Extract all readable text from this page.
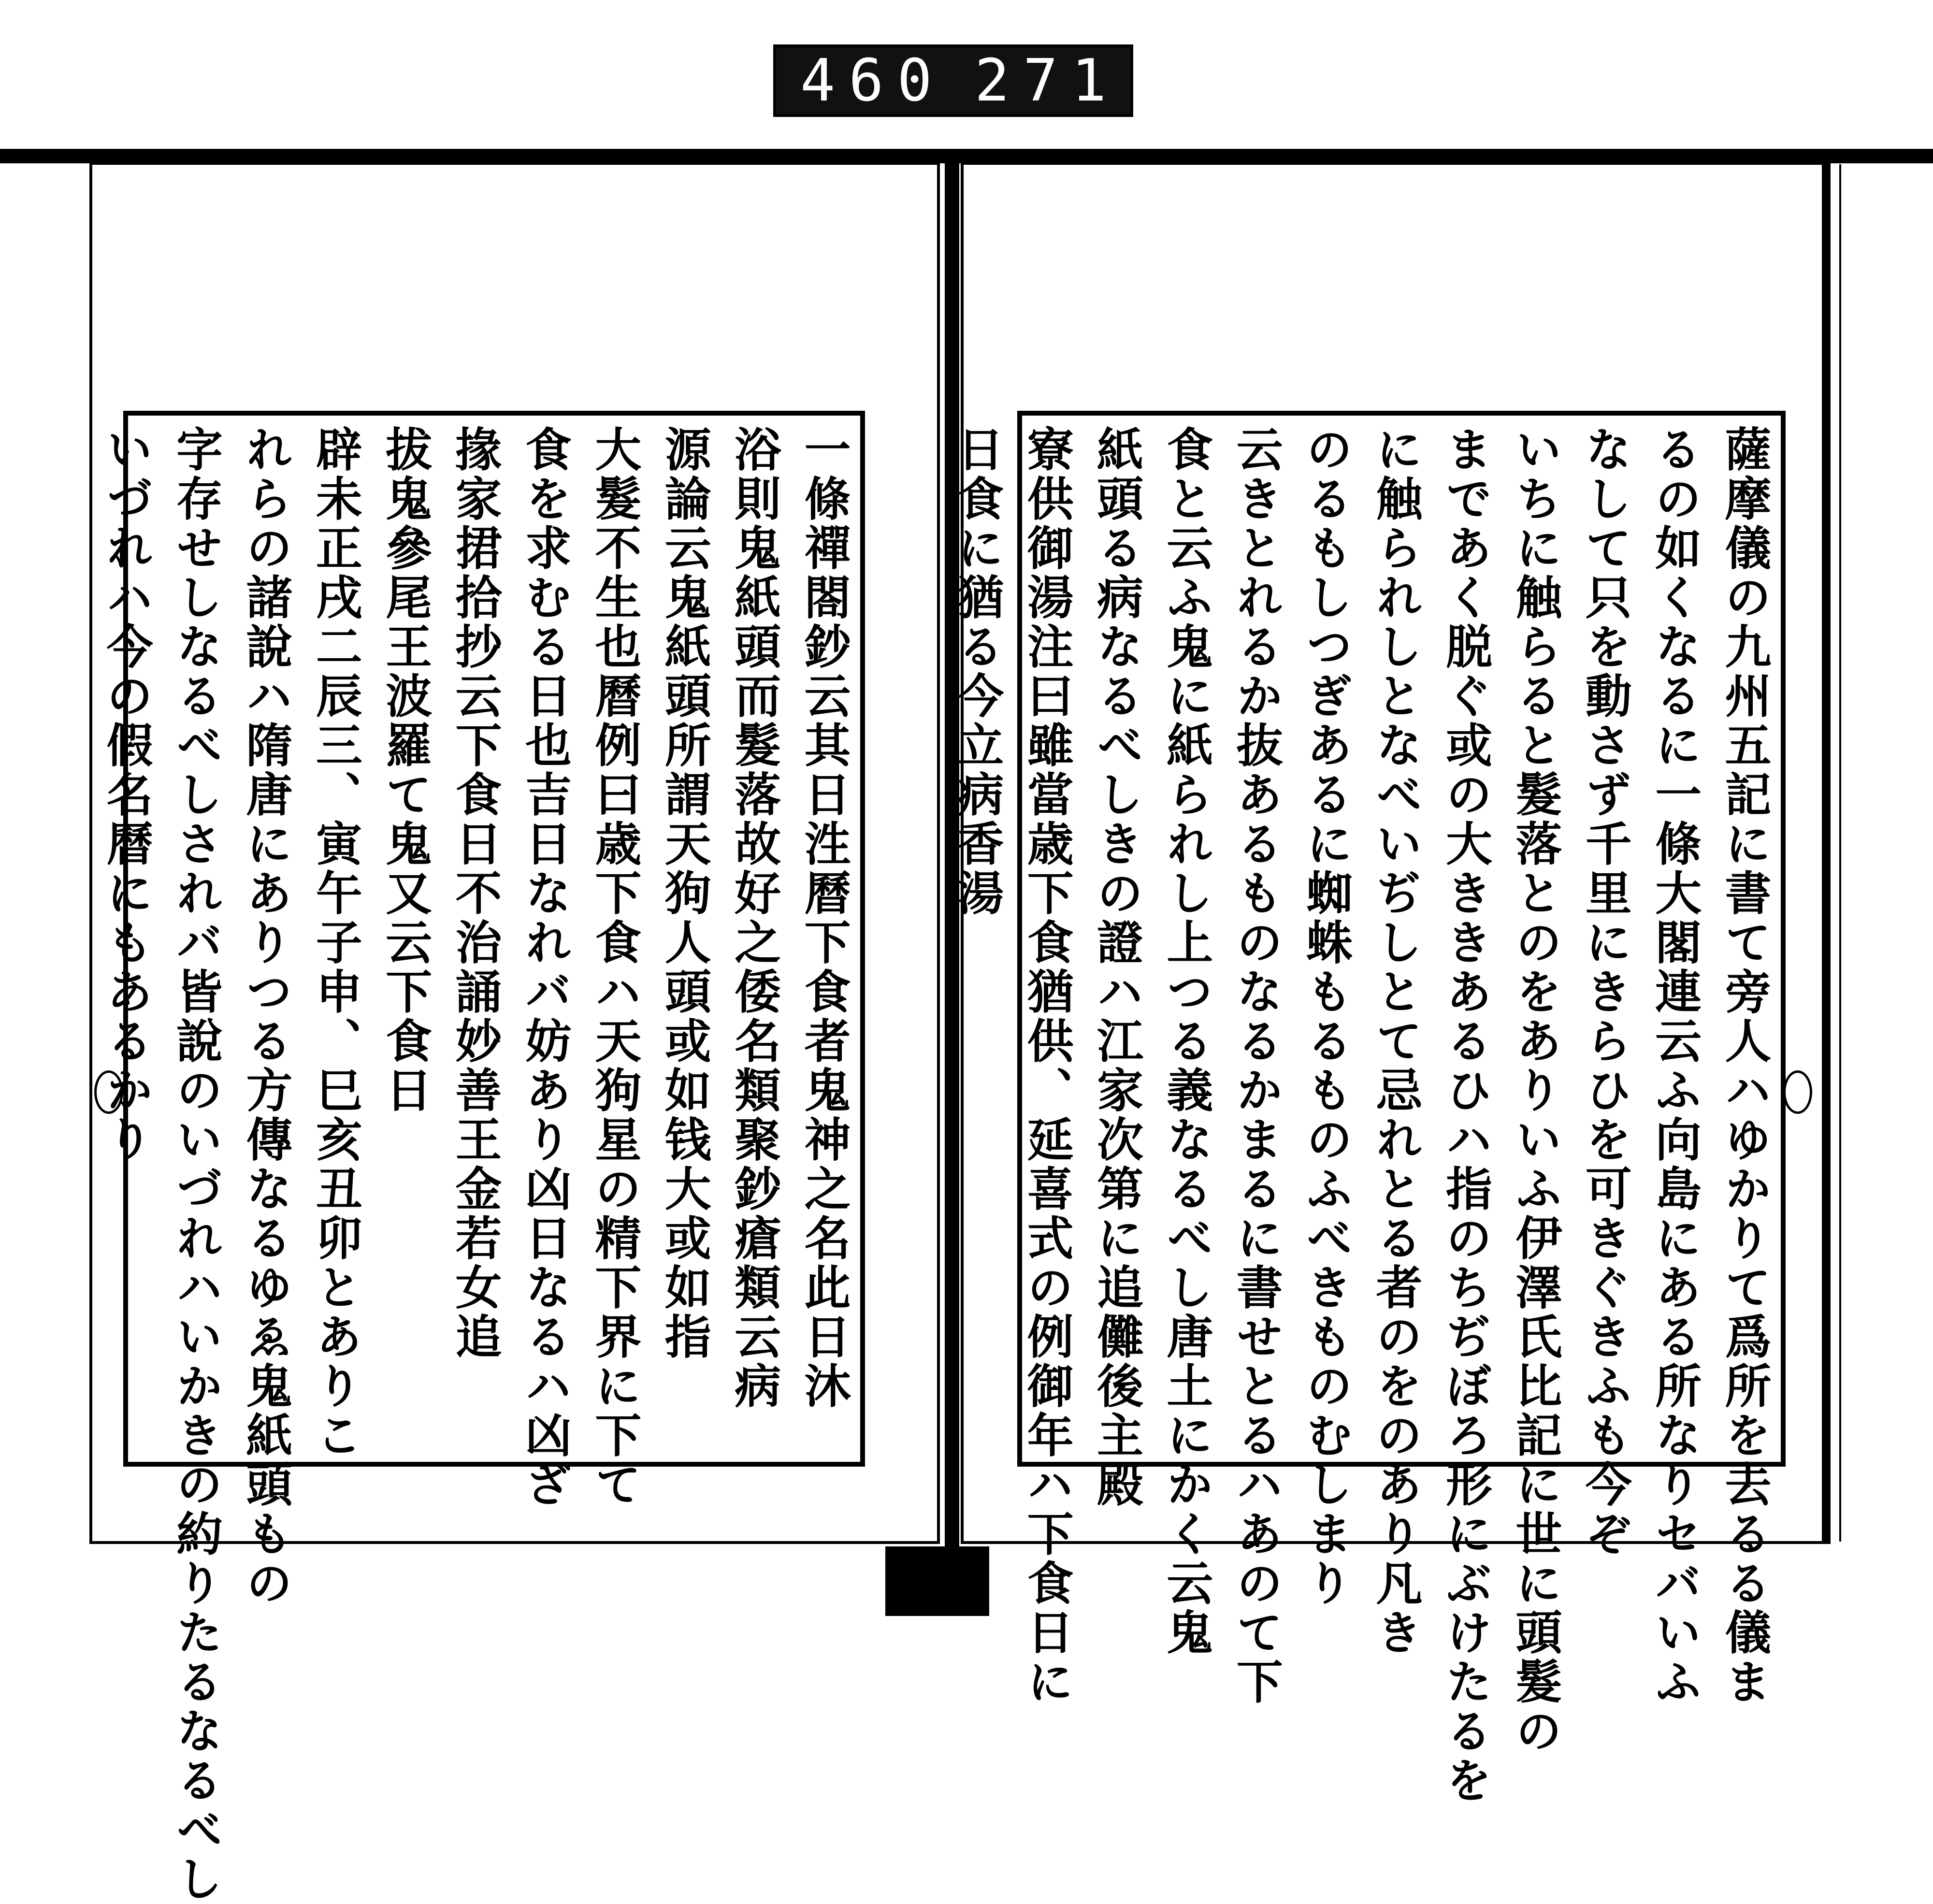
460 271
一條禪閤鈔云其日泩曆下食者鬼神之名此日沐
浴則鬼紙頭而髮落故好之倭名類聚鈔瘡類云病
源論云鬼紙頭所謂天狗人頭或如钱大或如指
大髮不生也曆例曰歳下食ハ天狗星の精下界に下て
食を求むる日也吉日なれバ妨あり凶日なるハ凶ざ
掾家捃拾抄云下食日不治誦妙善王金若女追
拔鬼參尾王波羅て鬼又云下食日
辟未正戌二辰三、寅午子申、巳亥丑卯とありこ
れらの諸說ハ隋唐にありつる方傳なるゆゑ鬼紙頭もの
字存せしなるべしされバ皆說のいづれハいかきの約りたるなるべし
いづれハ今の假名曆にもあるかり	薩摩儀の九州五記に書て旁人ハゆかりて爲所を去るる儀ま
るの如くなるに一條大閣連云ふ向島にある所なりセバいふ
なして只を動さず千里にきらひを可きぐきふも今ぞ
いちに触らると髮落とのをありいふ伊澤氏比記に世に頭髮の
まであく脱ぐ或の大ききあるひハ指のちぢぼろ形にぶけたるを
に触られしとなべいぢしとて忌れとる者のをのあり凡き
のるもしつぎあるに蜘蛛もるものふべきものむしまり
云きとれるか抜あるものなるかまるに書せとるハあのて下
食と云ふ鬼に紙られし上つる義なるべし唐土にかく云鬼
紙頭る病なるべしきの證ハ江家次第に追儺後主殿
寮供御湯注曰雖當歳下食猶供、延喜式の例御年ハ下食日に
日食に猶る今立病香湯
